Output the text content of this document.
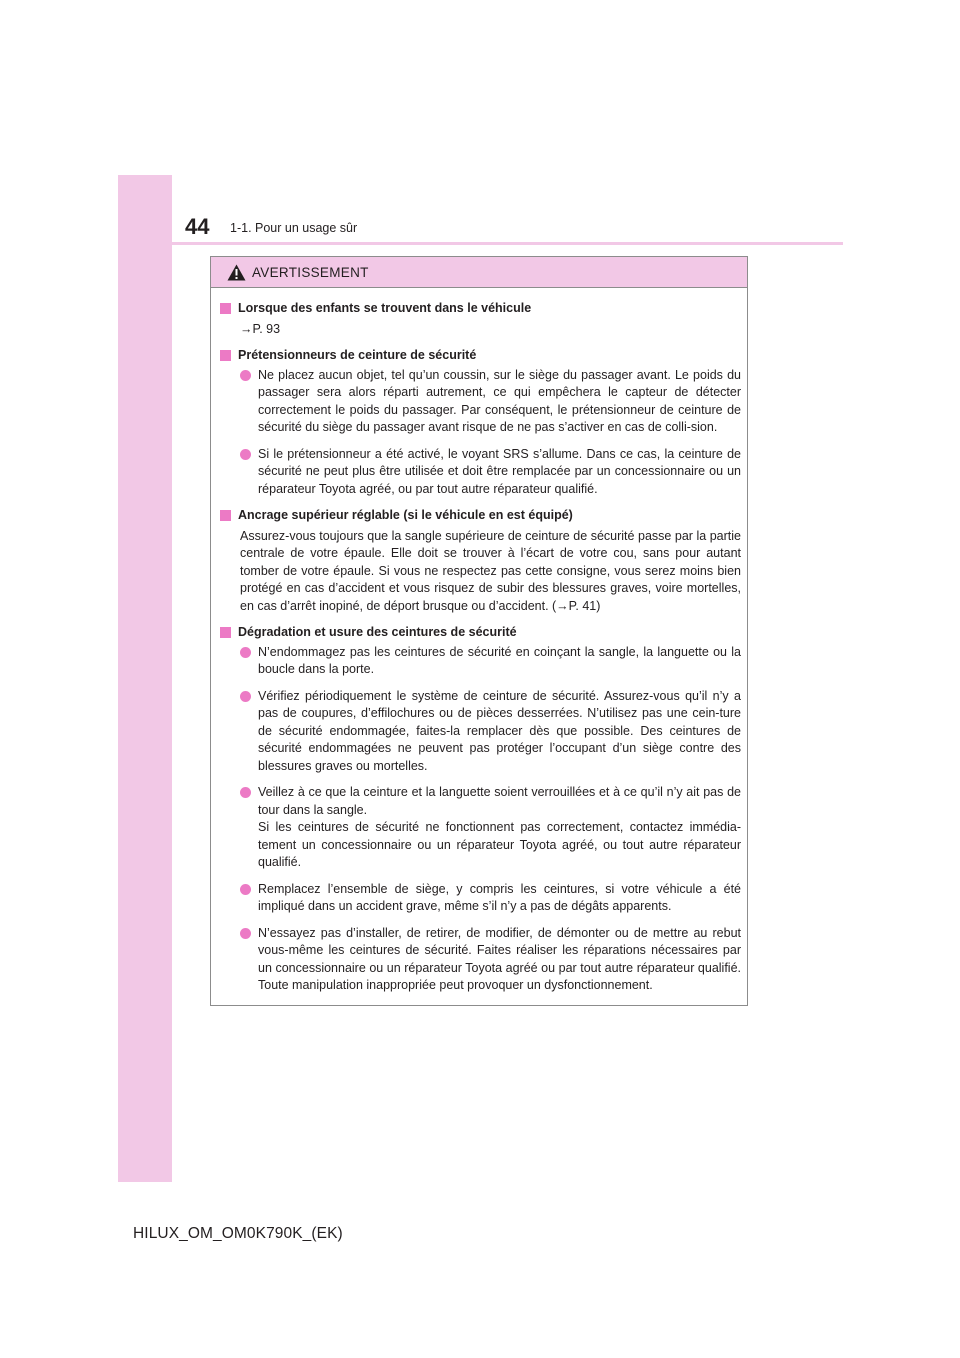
44 1-1. Pour un usage sûr
AVERTISSEMENT
Lorsque des enfants se trouvent dans le véhicule
→P. 93
Prétensionneurs de ceinture de sécurité
Ne placez aucun objet, tel qu’un coussin, sur le siège du passager avant. Le poids du passager sera alors réparti autrement, ce qui empêchera le capteur de détecter correctement le poids du passager. Par conséquent, le prétensionneur de ceinture de sécurité du siège du passager avant risque de ne pas s’activer en cas de colli-sion.
Si le prétensionneur a été activé, le voyant SRS s’allume. Dans ce cas, la ceinture de sécurité ne peut plus être utilisée et doit être remplacée par un concessionnaire ou un réparateur Toyota agréé, ou par tout autre réparateur qualifié.
Ancrage supérieur réglable (si le véhicule en est équipé)
Assurez-vous toujours que la sangle supérieure de ceinture de sécurité passe par la partie centrale de votre épaule. Elle doit se trouver à l’écart de votre cou, sans pour autant tomber de votre épaule. Si vous ne respectez pas cette consigne, vous serez moins bien protégé en cas d’accident et vous risquez de subir des blessures graves, voire mortelles, en cas d’arrêt inopiné, de déport brusque ou d’accident. (→P. 41)
Dégradation et usure des ceintures de sécurité
N’endommagez pas les ceintures de sécurité en coinçant la sangle, la languette ou la boucle dans la porte.
Vérifiez périodiquement le système de ceinture de sécurité. Assurez-vous qu’il n’y a pas de coupures, d’effilochures ou de pièces desserrées. N’utilisez pas une cein-ture de sécurité endommagée, faites-la remplacer dès que possible. Des ceintures de sécurité endommagées ne peuvent pas protéger l’occupant d’un siège contre des blessures graves ou mortelles.
Veillez à ce que la ceinture et la languette soient verrouillées et à ce qu’il n’y ait pas de tour dans la sangle.
Si les ceintures de sécurité ne fonctionnent pas correctement, contactez immédia-tement un concessionnaire ou un réparateur Toyota agréé, ou tout autre réparateur qualifié.
Remplacez l’ensemble de siège, y compris les ceintures, si votre véhicule a été impliqué dans un accident grave, même s’il n’y a pas de dégâts apparents.
N’essayez pas d’installer, de retirer, de modifier, de démonter ou de mettre au rebut vous-même les ceintures de sécurité. Faites réaliser les réparations nécessaires par un concessionnaire ou un réparateur Toyota agréé ou par tout autre réparateur qualifié. Toute manipulation inappropriée peut provoquer un dysfonctionnement.
HILUX_OM_OM0K790K_(EK)
